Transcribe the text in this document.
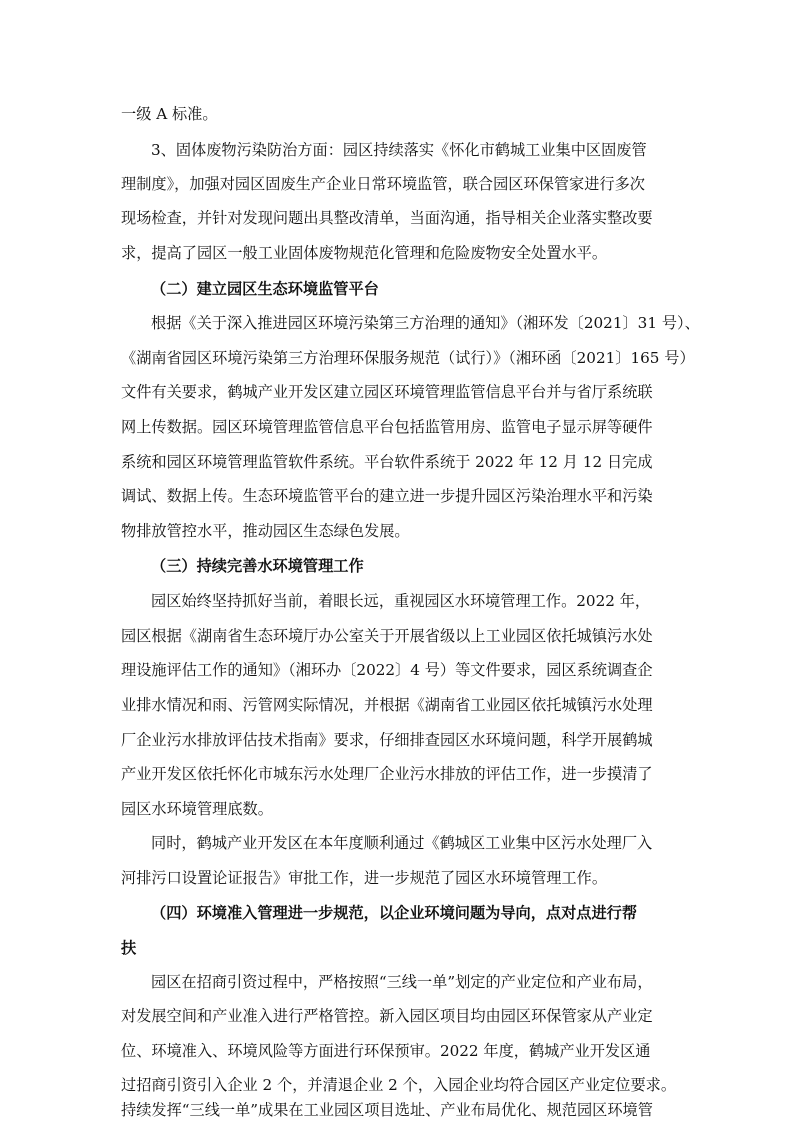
一级 A 标准。
3、固体废物污染防治方面：园区持续落实《怀化市鹤城工业集中区固废管
理制度》，加强对园区固废生产企业日常环境监管，联合园区环保管家进行多次
现场检查，并针对发现问题出具整改清单，当面沟通，指导相关企业落实整改要
求，提高了园区一般工业固体废物规范化管理和危险废物安全处置水平。
（二）建立园区生态环境监管平台
根据《关于深入推进园区环境污染第三方治理的通知》（湘环发〔2021〕31 号）、
《湖南省园区环境污染第三方治理环保服务规范（试行）》（湘环函〔2021〕165 号）
文件有关要求，鹤城产业开发区建立园区环境管理监管信息平台并与省厅系统联
网上传数据。园区环境管理监管信息平台包括监管用房、监管电子显示屏等硬件
系统和园区环境管理监管软件系统。平台软件系统于 2022 年 12 月 12 日完成
调试、数据上传。生态环境监管平台的建立进一步提升园区污染治理水平和污染
物排放管控水平，推动园区生态绿色发展。
（三）持续完善水环境管理工作
园区始终坚持抓好当前，着眼长远，重视园区水环境管理工作。2022 年，
园区根据《湖南省生态环境厅办公室关于开展省级以上工业园区依托城镇污水处
理设施评估工作的通知》（湘环办〔2022〕4 号）等文件要求，园区系统调查企
业排水情况和雨、污管网实际情况，并根据《湖南省工业园区依托城镇污水处理
厂企业污水排放评估技术指南》要求，仔细排查园区水环境问题，科学开展鹤城
产业开发区依托怀化市城东污水处理厂企业污水排放的评估工作，进一步摸清了
园区水环境管理底数。
同时，鹤城产业开发区在本年度顺利通过《鹤城区工业集中区污水处理厂入
河排污口设置论证报告》审批工作，进一步规范了园区水环境管理工作。
（四）环境准入管理进一步规范，以企业环境问题为导向，点对点进行帮
扶
园区在招商引资过程中，严格按照“三线一单”划定的产业定位和产业布局，
对发展空间和产业准入进行严格管控。新入园区项目均由园区环保管家从产业定
位、环境准入、环境风险等方面进行环保预审。2022 年度，鹤城产业开发区通
过招商引资引入企业 2 个，并清退企业 2 个，入园企业均符合园区产业定位要求。
持续发挥“三线一单”成果在工业园区项目选址、产业布局优化、规范园区环境管
